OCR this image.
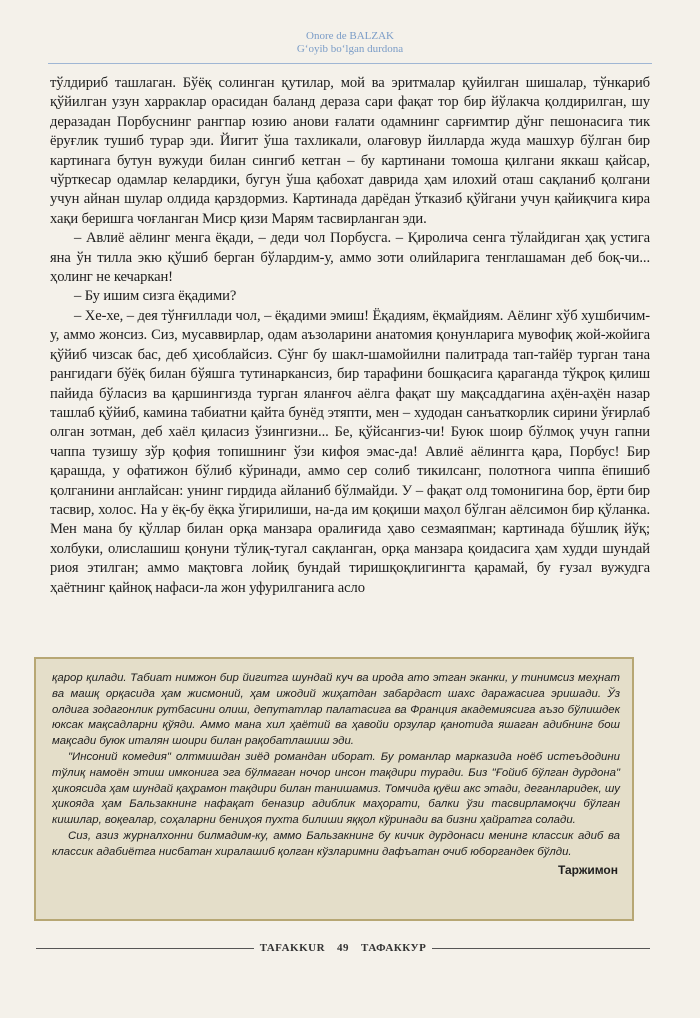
Onore de BALZAK
G‘oyib bo‘lgan durdona

тўлдириб ташлаган. Бўёқ солинган қутилар, мой ва эритмалар қуйилган шишалар, тўнкариб қўйилган узун харраклар орасидан баланд дераза сари фақат тор бир йўлакча қолдирилган, шу деразадан Порбуснинг рангпар юзию анови ғалати одамнинг сарғимтир дўнг пешонасига тик ёруғлик тушиб турар эди. Йигит ўша тахликали, олағовур йилларда жуда машхур бўлган бир картинага бутун вужуди билан сингиб кетган – бу картинани томоша қилгани яккаш қайсар, чўрткесар одамлар келардики, бугун ўша қабохат даврида ҳам илохий оташ сақланиб қолгани учун айнан шулар олдида қарздормиз. Картинада дарёдан ўтказиб қўйгани учун қайиқчига кира хақи беришга чоғланган Миср қизи Марям тасвирланган эди.

– Авлиё аёлинг менга ёқади, – деди чол Порбусга. – Қиролича сенга тўлайдиган ҳақ устига яна ўн тилла экю қўшиб берган бўлардим-у, аммо зоти олийларига тенглашаман деб боқ-чи... ҳолинг не кечаркан!

– Бу ишим сизга ёқадими?

– Хе-хе, – дея тўнғиллади чол, – ёқадими эмиш! Ёқадиям, ёқмайдиям. Аёлинг хўб хушбичим-у, аммо жонсиз. Сиз, мусаввирлар, одам аъзоларини анатомия қонунларига мувофиқ жой-жойига қўйиб чизсак бас, деб ҳисоблайсиз. Сўнг бу шакл-шамойилни палитрада тап-тайёр турган тана рангидаги бўёқ билан бўяшга тутинаркансиз, бир тарафини бошқасига қараганда тўқроқ қилиш пайида бўласиз ва қаршингизда турган яланғоч аёлга фақат шу мақсаддагина аҳён-аҳён назар ташлаб қўйиб, камина табиатни қайта бунёд этяпти, мен – худодан санъаткорлик сирини ўғирлаб олган зотман, деб хаёл қиласиз ўзингизни... Бе, қўйсангиз-чи! Буюк шоир бўлмоқ учун гапни чаппа тузишу зўр қофия топишнинг ўзи кифоя эмас-да! Авлиё аёлингга қара, Порбус! Бир қарашда, у офатижон бўлиб кўринади, аммо сер солиб тикилсанг, полотнога чиппа ёпишиб қолганини англайсан: унинг гирдида айланиб бўлмайди. У – фақат олд томонигина бор, ёрти бир тасвир, холос. На у ёқ-бу ёқка ўгирилиши, на-да им қоқиши маҳол бўлган аёлсимон бир қўланка. Мен мана бу қўллар билан орқа манзара оралиғида ҳаво сезмаяпман; картинада бўшлиқ йўқ; холбуки, олислашиш қонуни тўлиқ-тугал сақланган, орқа манзара қоидасига ҳам худди шундай риоя этилган; аммо мақтовга лойиқ бундай тиришқоқлигингта қарамай, бу ғузал вужудга ҳаётнинг қайноқ нафаси-ла жон уфурилганига асло

қарор қилади. Табиат нимжон бир йигитга шундай куч ва ирода ато этган эканки, у тинимсиз меҳнат ва машқ орқасида ҳам жисмоний, ҳам ижодий жиҳатдан забардаст шахс даражасига эришади. Ўз олдига зодагонлик рутбасини олиш, депутатлар палатасига ва Франция академиясига аъзо бўлишдек юксак мақсадларни қўяди. Аммо мана хил ҳаётий ва ҳавойи орзулар қанотида яшаган адибнинг бош мақсади буюк италян шоири билан рақобатлашиш эди.

"Инсоний комедия" олтмишдан зиёд романдан иборат. Бу романлар марказида ноёб истеъдодини тўлиқ намоён этиш имконига эга бўлмаган ночор инсон тақдири туради. Биз "Ғойиб бўлган дурдона" ҳикоясида ҳам шундай қаҳрамон тақдири билан танишамиз. Томчида қуёш акс этади, деганларидек, шу ҳикояда ҳам Бальзакнинг нафақат беназир адиблик маҳорати, балки ўзи тасвирламоқчи бўлган кишилар, воқеалар, соҳаларни бениҳоя пухта билиши яққол кўринади ва бизни ҳайратга солади.

Сиз, азиз журналхонни билмадим-ку, аммо Бальзакнинг бу кичик дурдонаси менинг классик адиб ва классик адабиётга нисбатан хиралашиб қолган кўзларимни дафъатан очиб юборгандек бўлди.

Таржимон
TAFAKKUR	49	ТАФАККУР
